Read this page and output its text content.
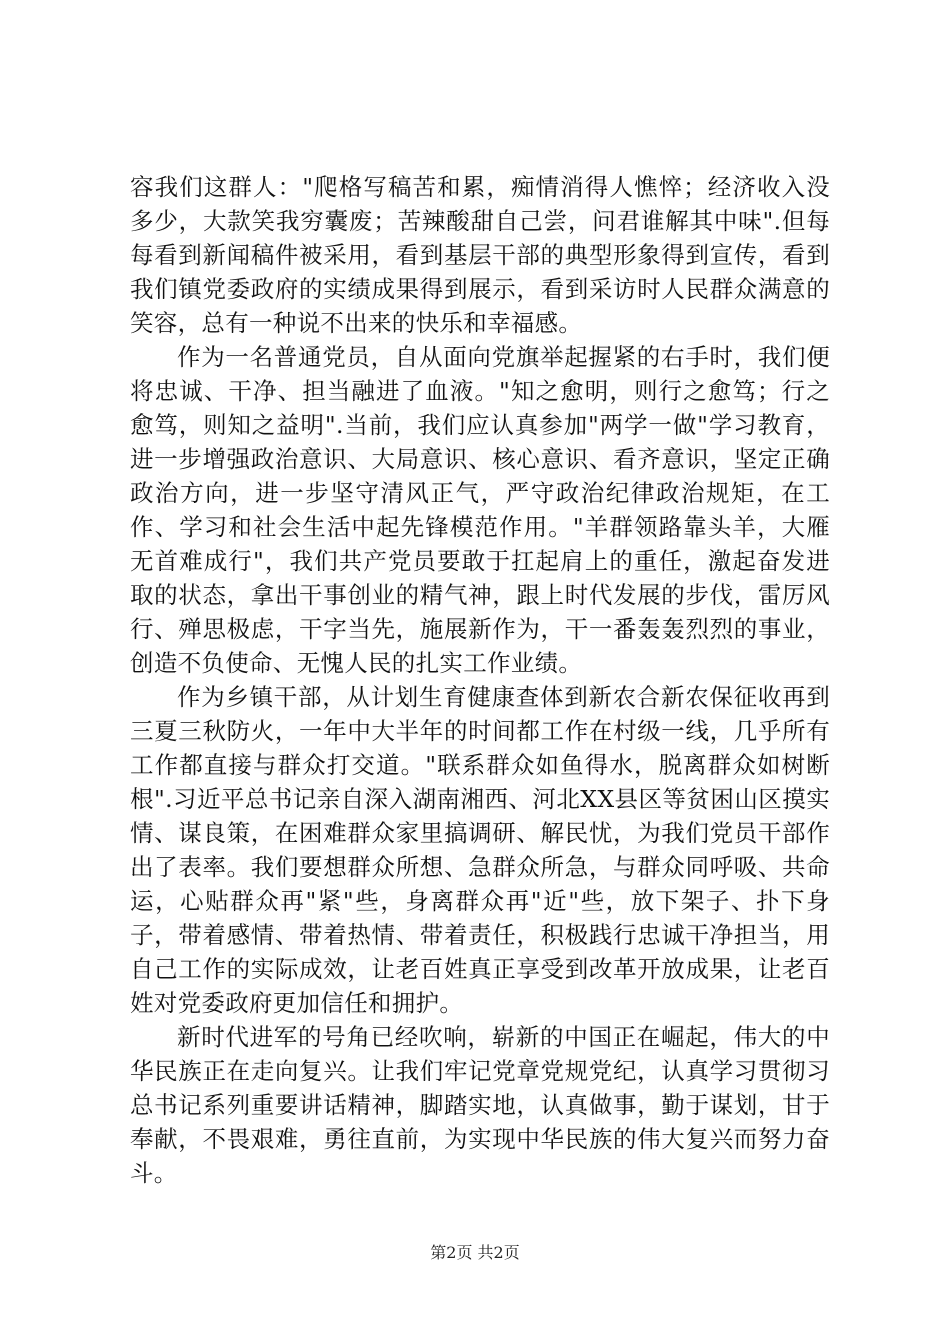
容我们这群人："爬格写稿苦和累，痴情消得人憔悴；经济收入没多少，大款笑我穷囊废；苦辣酸甜自己尝，问君谁解其中味".但每每看到新闻稿件被采用，看到基层干部的典型形象得到宣传，看到我们镇党委政府的实绩成果得到展示，看到采访时人民群众满意的笑容，总有一种说不出来的快乐和幸福感。

作为一名普通党员，自从面向党旗举起握紧的右手时，我们便将忠诚、干净、担当融进了血液。"知之愈明，则行之愈笃；行之愈笃，则知之益明".当前，我们应认真参加"两学一做"学习教育，进一步增强政治意识、大局意识、核心意识、看齐意识，坚定正确政治方向，进一步坚守清风正气，严守政治纪律政治规矩，在工作、学习和社会生活中起先锋模范作用。"羊群领路靠头羊，大雁无首难成行"，我们共产党员要敢于扛起肩上的重任，激起奋发进取的状态，拿出干事创业的精气神，跟上时代发展的步伐，雷厉风行、殚思极虑，干字当先，施展新作为，干一番轰轰烈烈的事业，创造不负使命、无愧人民的扎实工作业绩。

作为乡镇干部，从计划生育健康查体到新农合新农保征收再到三夏三秋防火，一年中大半年的时间都工作在村级一线，几乎所有工作都直接与群众打交道。"联系群众如鱼得水，脱离群众如树断根".习近平总书记亲自深入湖南湘西、河北XX县区等贫困山区摸实情、谋良策，在困难群众家里搞调研、解民忧，为我们党员干部作出了表率。我们要想群众所想、急群众所急，与群众同呼吸、共命运，心贴群众再"紧"些，身离群众再"近"些，放下架子、扑下身子，带着感情、带着热情、带着责任，积极践行忠诚干净担当，用自己工作的实际成效，让老百姓真正享受到改革开放成果，让老百姓对党委政府更加信任和拥护。

新时代进军的号角已经吹响，崭新的中国正在崛起，伟大的中华民族正在走向复兴。让我们牢记党章党规党纪，认真学习贯彻习总书记系列重要讲话精神，脚踏实地，认真做事，勤于谋划，甘于奉献，不畏艰难，勇往直前，为实现中华民族的伟大复兴而努力奋斗。

第2页 共2页
